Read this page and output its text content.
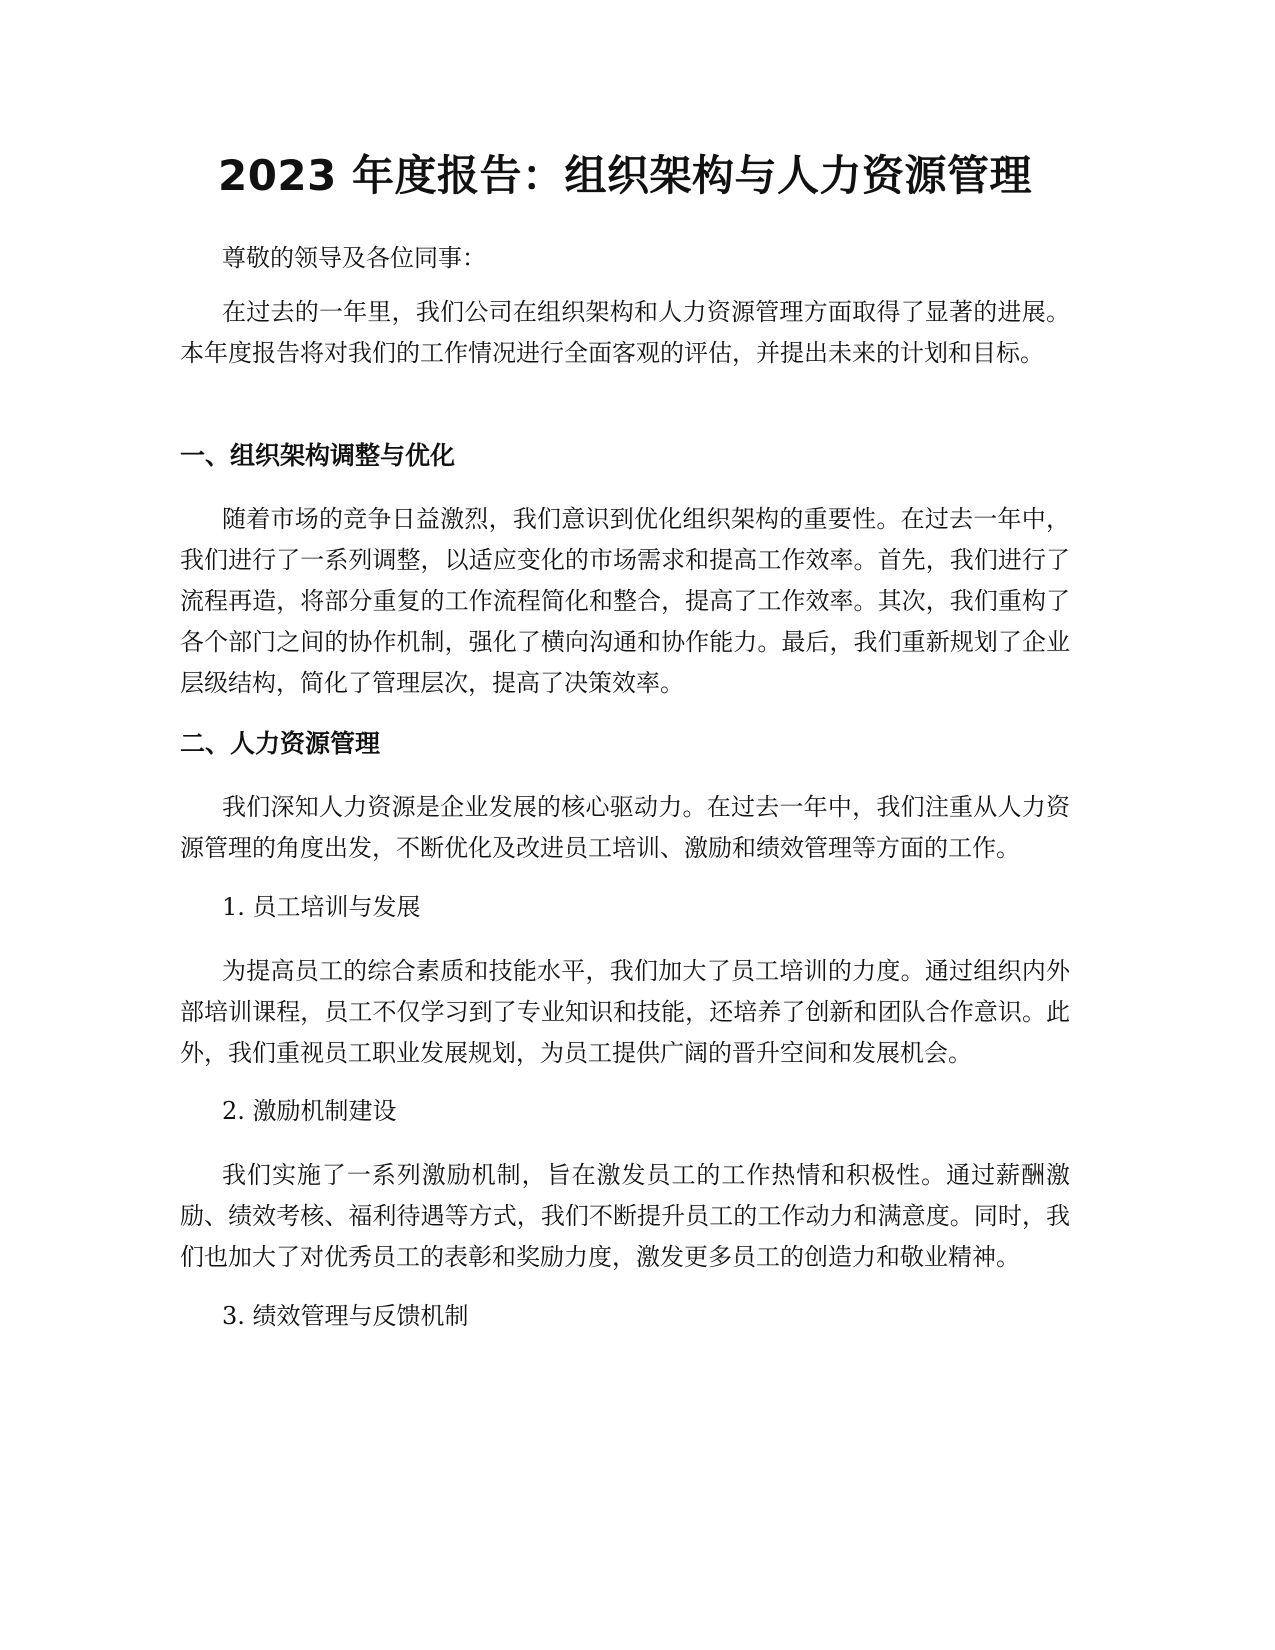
2023 年度报告：组织架构与人力资源管理

尊敬的领导及各位同事：

在过去的一年里，我们公司在组织架构和人力资源管理方面取得了显著的进展。本年度报告将对我们的工作情况进行全面客观的评估，并提出未来的计划和目标。

一、组织架构调整与优化

随着市场的竞争日益激烈，我们意识到优化组织架构的重要性。在过去一年中，我们进行了一系列调整，以适应变化的市场需求和提高工作效率。首先，我们进行了流程再造，将部分重复的工作流程简化和整合，提高了工作效率。其次，我们重构了各个部门之间的协作机制，强化了横向沟通和协作能力。最后，我们重新规划了企业层级结构，简化了管理层次，提高了决策效率。

二、人力资源管理

我们深知人力资源是企业发展的核心驱动力。在过去一年中，我们注重从人力资源管理的角度出发，不断优化及改进员工培训、激励和绩效管理等方面的工作。

1. 员工培训与发展

为提高员工的综合素质和技能水平，我们加大了员工培训的力度。通过组织内外部培训课程，员工不仅学习到了专业知识和技能，还培养了创新和团队合作意识。此外，我们重视员工职业发展规划，为员工提供广阔的晋升空间和发展机会。

2. 激励机制建设

我们实施了一系列激励机制，旨在激发员工的工作热情和积极性。通过薪酬激励、绩效考核、福利待遇等方式，我们不断提升员工的工作动力和满意度。同时，我们也加大了对优秀员工的表彰和奖励力度，激发更多员工的创造力和敬业精神。

3. 绩效管理与反馈机制
